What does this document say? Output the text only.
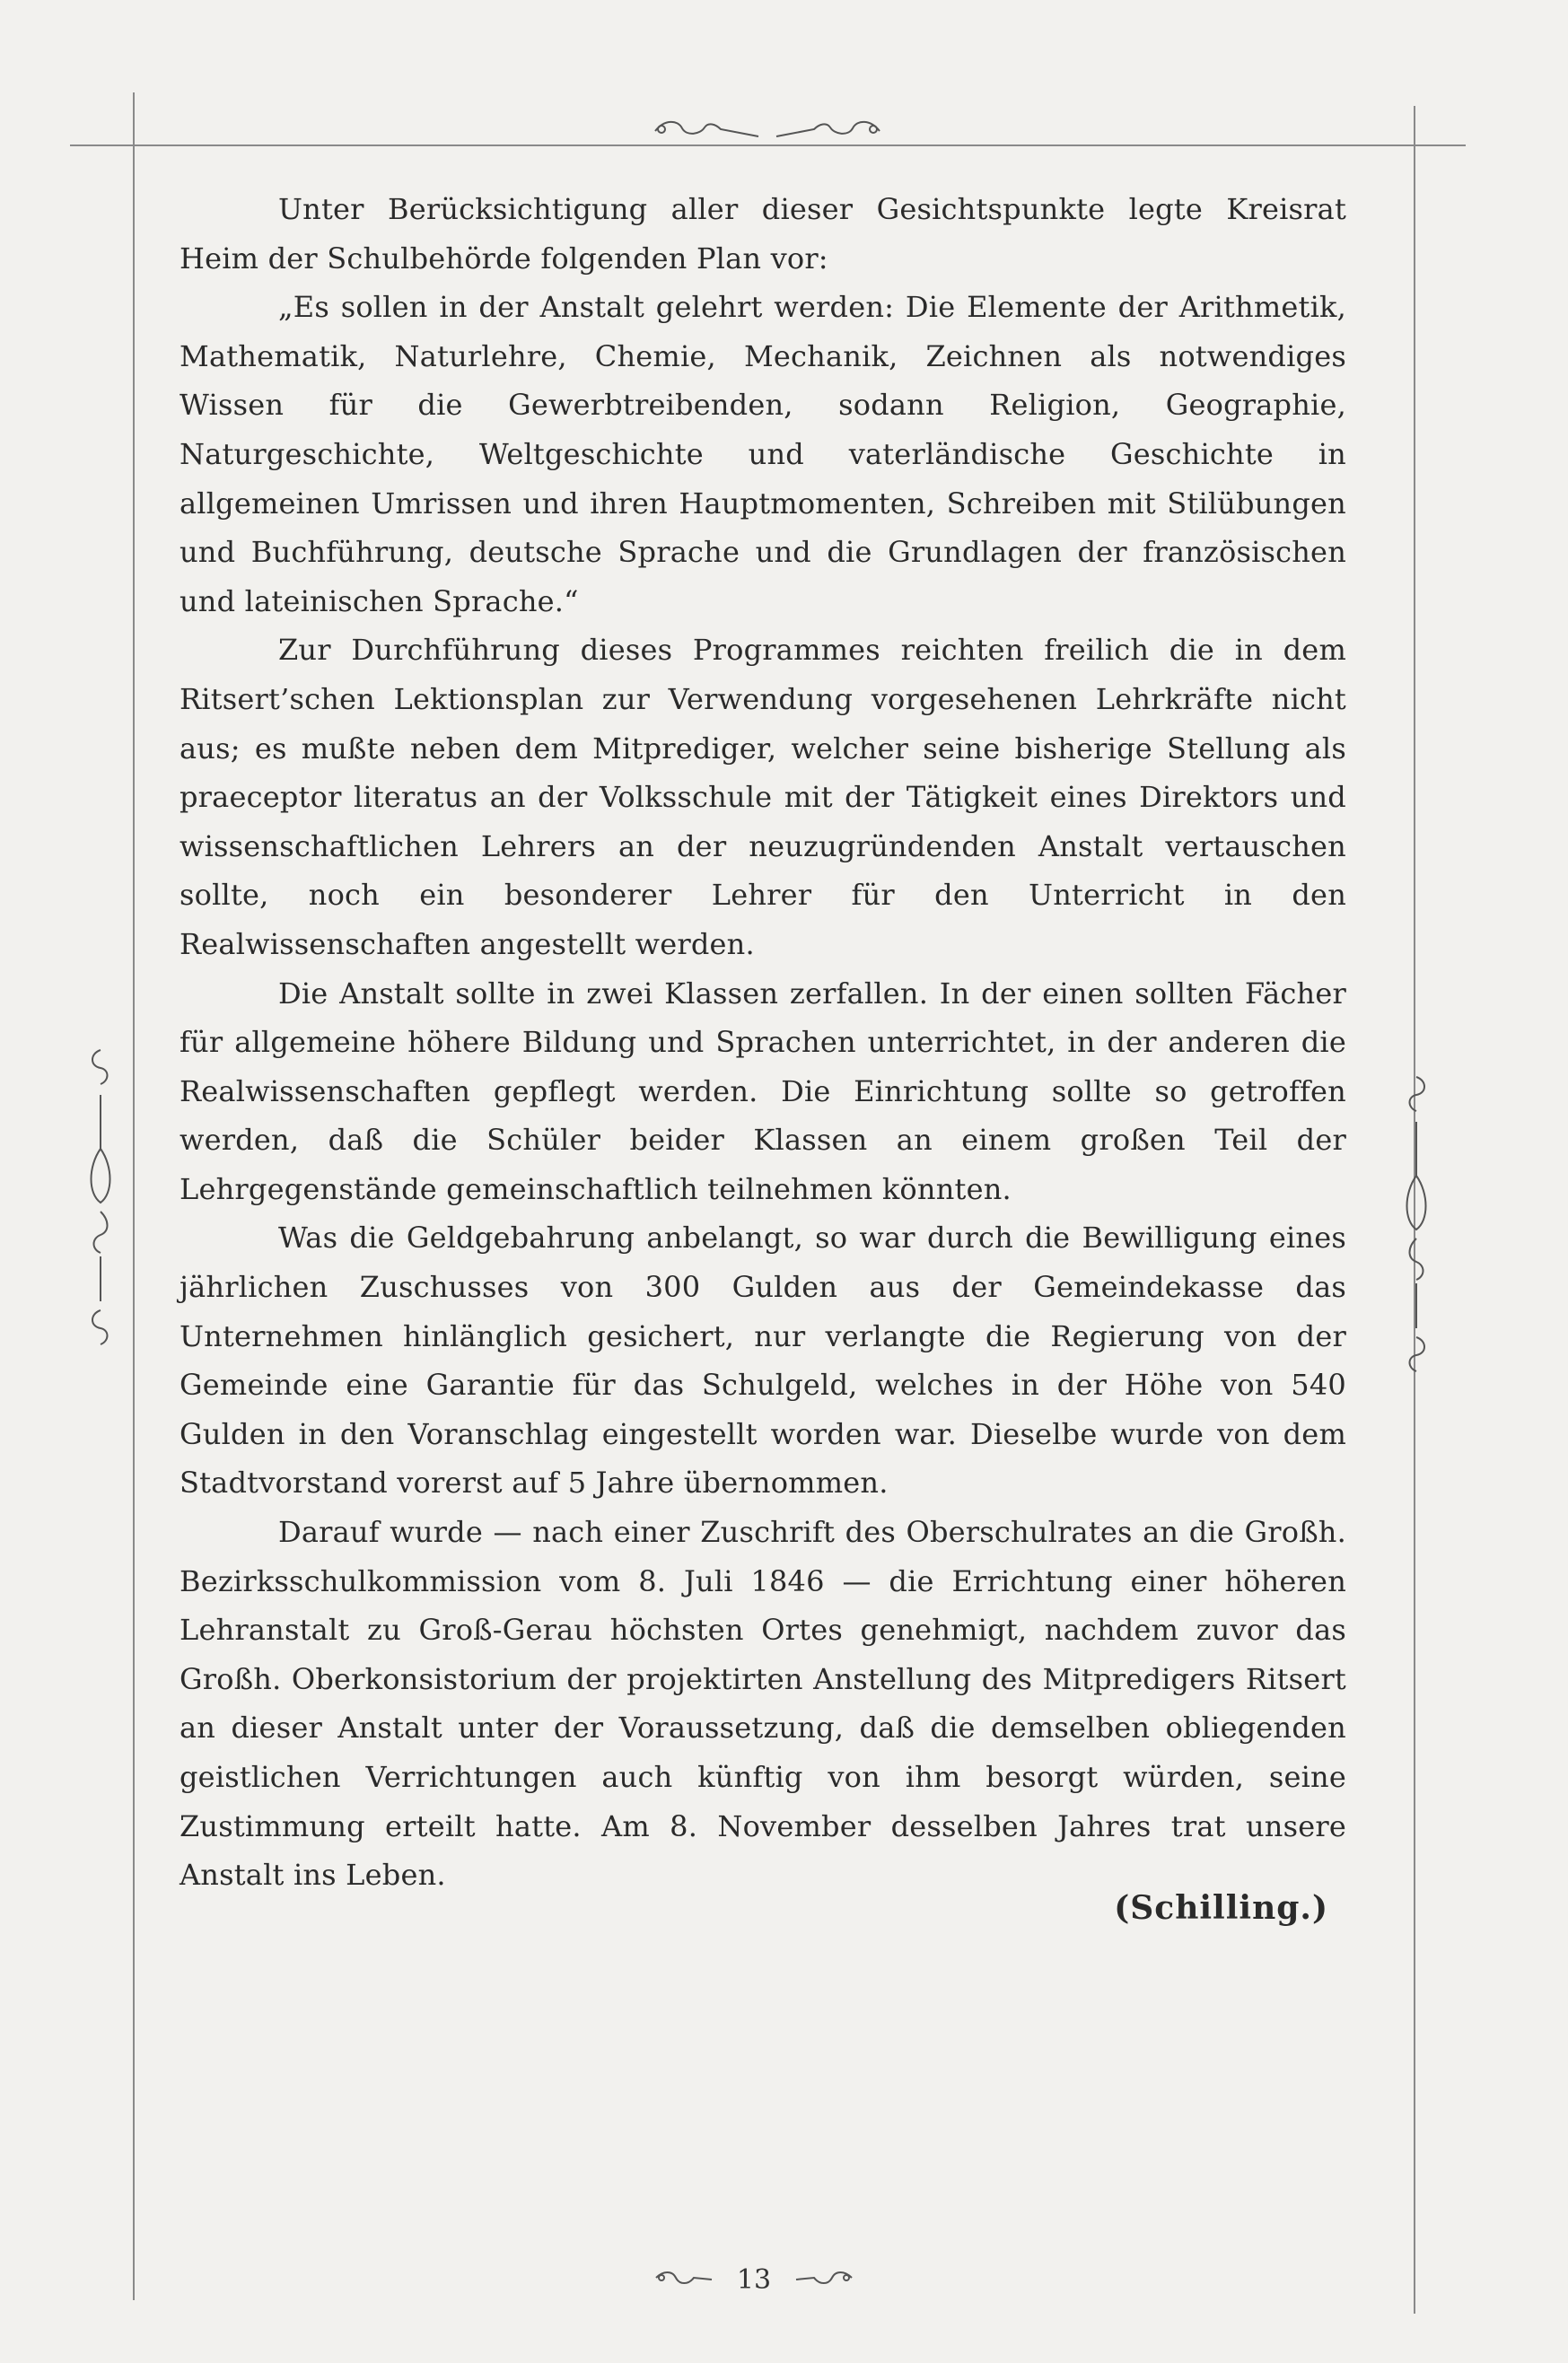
Unter Berücksichtigung aller dieser Gesichtspunkte legte Kreisrat Heim der Schulbehörde folgenden Plan vor:

„Es sollen in der Anstalt gelehrt werden: Die Elemente der Arithmetik, Mathematik, Naturlehre, Chemie, Mechanik, Zeichnen als notwendiges Wissen für die Gewerbtreibenden, sodann Religion, Geographie, Naturgeschichte, Weltgeschichte und vaterländische Geschichte in allgemeinen Umrissen und ihren Hauptmomenten, Schreiben mit Stilübungen und Buchführung, deutsche Sprache und die Grundlagen der französischen und lateinischen Sprache.“

Zur Durchführung dieses Programmes reichten freilich die in dem Ritsert’schen Lektionsplan zur Verwendung vorgesehenen Lehrkräfte nicht aus; es mußte neben dem Mitprediger, welcher seine bisherige Stellung als praeceptor literatus an der Volksschule mit der Tätigkeit eines Direktors und wissenschaftlichen Lehrers an der neuzugründenden Anstalt vertauschen sollte, noch ein besonderer Lehrer für den Unterricht in den Realwissenschaften angestellt werden.

Die Anstalt sollte in zwei Klassen zerfallen. In der einen sollten Fächer für allgemeine höhere Bildung und Sprachen unterrichtet, in der anderen die Realwissenschaften gepflegt werden. Die Einrichtung sollte so getroffen werden, daß die Schüler beider Klassen an einem großen Teil der Lehrgegenstände gemeinschaftlich teilnehmen könnten.

Was die Geldgebahrung anbelangt, so war durch die Bewilligung eines jährlichen Zuschusses von 300 Gulden aus der Gemeindekasse das Unternehmen hinlänglich gesichert, nur verlangte die Regierung von der Gemeinde eine Garantie für das Schulgeld, welches in der Höhe von 540 Gulden in den Voranschlag eingestellt worden war. Dieselbe wurde von dem Stadtvorstand vorerst auf 5 Jahre übernommen.

Darauf wurde — nach einer Zuschrift des Oberschulrates an die Großh. Bezirksschulkommission vom 8. Juli 1846 — die Errichtung einer höheren Lehranstalt zu Groß-Gerau höchsten Ortes genehmigt, nachdem zuvor das Großh. Oberkonsistorium der projektirten Anstellung des Mitpredigers Ritsert an dieser Anstalt unter der Voraussetzung, daß die demselben obliegenden geistlichen Verrichtungen auch künftig von ihm besorgt würden, seine Zustimmung erteilt hatte. Am 8. November desselben Jahres trat unsere Anstalt ins Leben.

(Schilling.)
13
